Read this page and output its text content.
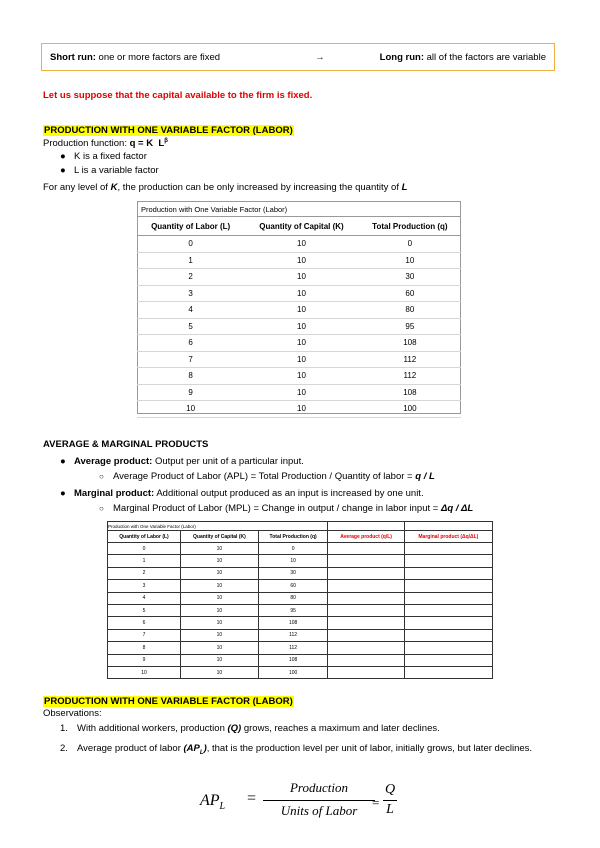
Short run: one or more factors are fixed	→	Long run: all of the factors are variable
Let us suppose that the capital available to the firm is fixed.
PRODUCTION WITH ONE VARIABLE FACTOR (LABOR)
Production function: q = K $L^\beta$
● K is a fixed factor
● L is a variable factor
For any level of K, the production can be only increased by increasing the quantity of L
Production with One Variable Factor (Labor)		
Quantity of Labor (L)	Quantity of Capital (K)	Total Production (q)
0	10	0
1	10	10
2	10	30
3	10	60
4	10	80
5	10	95
6	10	108
7	10	112
8	10	112
9	10	108
10	10	100
AVERAGE & MARGINAL PRODUCTS
● Average product: Output per unit of a particular input.
○ Average Product of Labor (APL) = Total Production / Quantity of labor = q / L
● Marginal product: Additional output produced as an input is increased by one unit.
○ Marginal Product of Labor (MPL) = Change in output / change in labor input = Δq / ΔL
Production with One Variable Factor (Labor)				
Quantity of Labor (L)	Quantity of Capital (K)	Total Production (q)	Average product (q/L)	Marginal product (Δq/ΔL)
0	10	0		
1	10	10		
2	10	30		
3	10	60		
4	10	80		
5	10	95		
6	10	108		
7	10	112		
8	10	112		
9	10	108		
10	10	100		
PRODUCTION WITH ONE VARIABLE FACTOR (LABOR)
Observations:
1. With additional workers, production (Q) grows, reaches a maximum and later declines.
2. Average product of labor $(AP_L)$, that is the production level per unit of labor, initially grows, but later declines.
$AP_L$ =
Production
Units of Labor
=
Q
L
